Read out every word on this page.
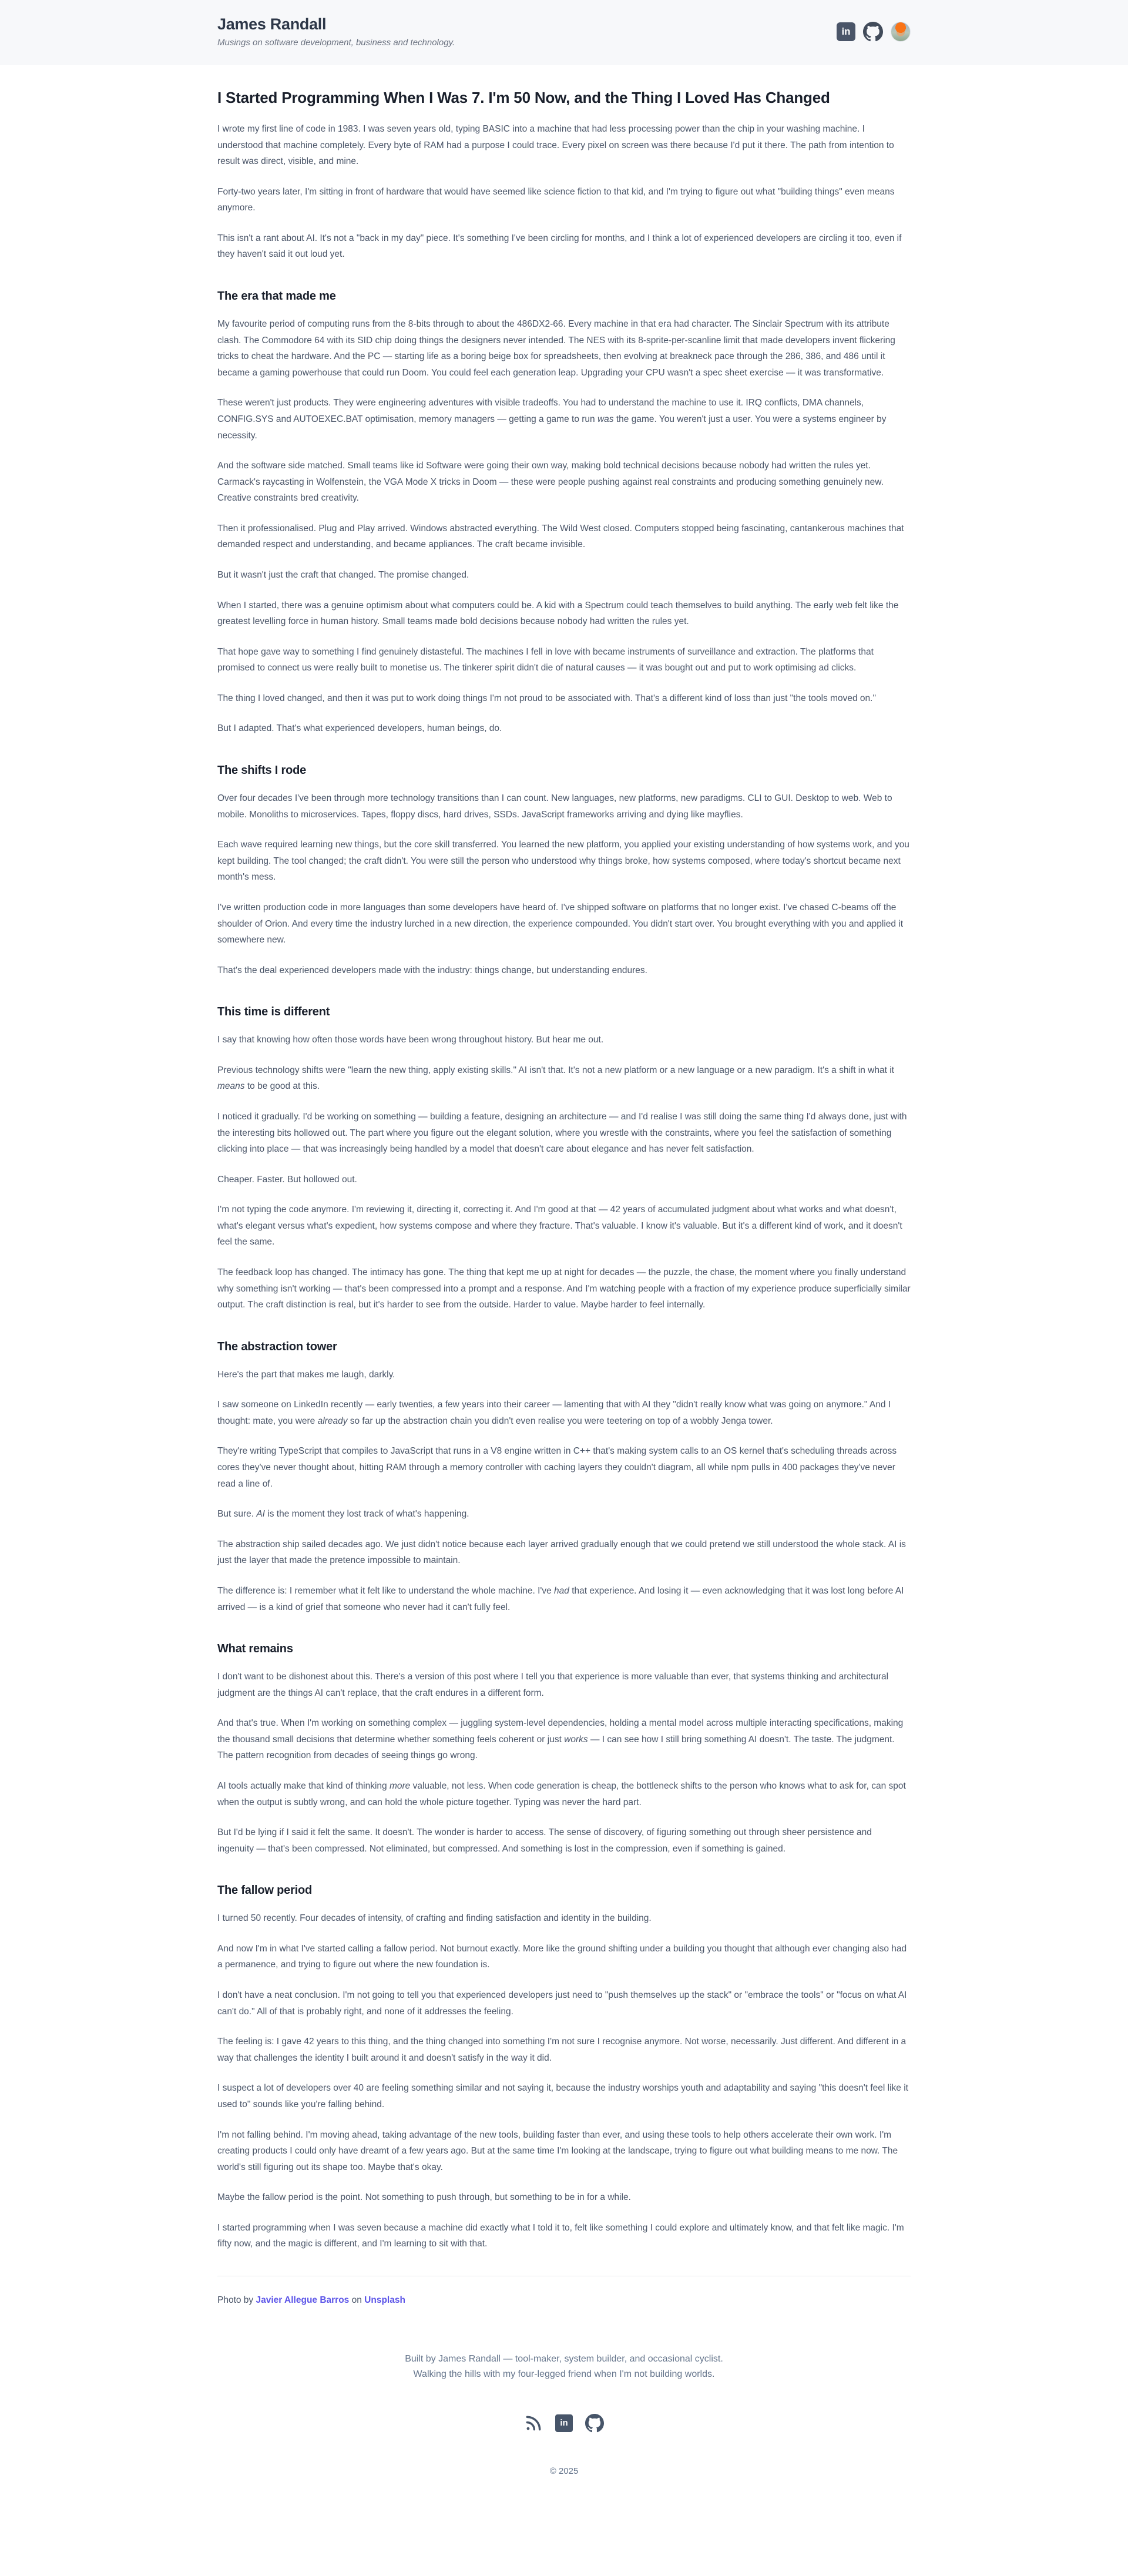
James Randall
Musings on software development, business and technology.
in
I Started Programming When I Was 7. I'm 50 Now, and the Thing I Loved Has Changed

I wrote my first line of code in 1983. I was seven years old, typing BASIC into a machine that had less processing power than the chip in your washing machine. I understood that machine completely. Every byte of RAM had a purpose I could trace. Every pixel on screen was there because I'd put it there. The path from intention to result was direct, visible, and mine.

Forty-two years later, I'm sitting in front of hardware that would have seemed like science fiction to that kid, and I'm trying to figure out what "building things" even means anymore.

This isn't a rant about AI. It's not a "back in my day" piece. It's something I've been circling for months, and I think a lot of experienced developers are circling it too, even if they haven't said it out loud yet.

The era that made me

My favourite period of computing runs from the 8-bits through to about the 486DX2-66. Every machine in that era had character. The Sinclair Spectrum with its attribute clash. The Commodore 64 with its SID chip doing things the designers never intended. The NES with its 8-sprite-per-scanline limit that made developers invent flickering tricks to cheat the hardware. And the PC — starting life as a boring beige box for spreadsheets, then evolving at breakneck pace through the 286, 386, and 486 until it became a gaming powerhouse that could run Doom. You could feel each generation leap. Upgrading your CPU wasn't a spec sheet exercise — it was transformative.

These weren't just products. They were engineering adventures with visible tradeoffs. You had to understand the machine to use it. IRQ conflicts, DMA channels, CONFIG.SYS and AUTOEXEC.BAT optimisation, memory managers — getting a game to run was the game. You weren't just a user. You were a systems engineer by necessity.

And the software side matched. Small teams like id Software were going their own way, making bold technical decisions because nobody had written the rules yet. Carmack's raycasting in Wolfenstein, the VGA Mode X tricks in Doom — these were people pushing against real constraints and producing something genuinely new. Creative constraints bred creativity.

Then it professionalised. Plug and Play arrived. Windows abstracted everything. The Wild West closed. Computers stopped being fascinating, cantankerous machines that demanded respect and understanding, and became appliances. The craft became invisible.

But it wasn't just the craft that changed. The promise changed.

When I started, there was a genuine optimism about what computers could be. A kid with a Spectrum could teach themselves to build anything. The early web felt like the greatest levelling force in human history. Small teams made bold decisions because nobody had written the rules yet.

That hope gave way to something I find genuinely distasteful. The machines I fell in love with became instruments of surveillance and extraction. The platforms that promised to connect us were really built to monetise us. The tinkerer spirit didn't die of natural causes — it was bought out and put to work optimising ad clicks.

The thing I loved changed, and then it was put to work doing things I'm not proud to be associated with. That's a different kind of loss than just "the tools moved on."

But I adapted. That's what experienced developers, human beings, do.

The shifts I rode

Over four decades I've been through more technology transitions than I can count. New languages, new platforms, new paradigms. CLI to GUI. Desktop to web. Web to mobile. Monoliths to microservices. Tapes, floppy discs, hard drives, SSDs. JavaScript frameworks arriving and dying like mayflies.

Each wave required learning new things, but the core skill transferred. You learned the new platform, you applied your existing understanding of how systems work, and you kept building. The tool changed; the craft didn't. You were still the person who understood why things broke, how systems composed, where today's shortcut became next month's mess.

I've written production code in more languages than some developers have heard of. I've shipped software on platforms that no longer exist. I've chased C-beams off the shoulder of Orion. And every time the industry lurched in a new direction, the experience compounded. You didn't start over. You brought everything with you and applied it somewhere new.

That's the deal experienced developers made with the industry: things change, but understanding endures.

This time is different

I say that knowing how often those words have been wrong throughout history. But hear me out.

Previous technology shifts were "learn the new thing, apply existing skills." AI isn't that. It's not a new platform or a new language or a new paradigm. It's a shift in what it means to be good at this.

I noticed it gradually. I'd be working on something — building a feature, designing an architecture — and I'd realise I was still doing the same thing I'd always done, just with the interesting bits hollowed out. The part where you figure out the elegant solution, where you wrestle with the constraints, where you feel the satisfaction of something clicking into place — that was increasingly being handled by a model that doesn't care about elegance and has never felt satisfaction.

Cheaper. Faster. But hollowed out.

I'm not typing the code anymore. I'm reviewing it, directing it, correcting it. And I'm good at that — 42 years of accumulated judgment about what works and what doesn't, what's elegant versus what's expedient, how systems compose and where they fracture. That's valuable. I know it's valuable. But it's a different kind of work, and it doesn't feel the same.

The feedback loop has changed. The intimacy has gone. The thing that kept me up at night for decades — the puzzle, the chase, the moment where you finally understand why something isn't working — that's been compressed into a prompt and a response. And I'm watching people with a fraction of my experience produce superficially similar output. The craft distinction is real, but it's harder to see from the outside. Harder to value. Maybe harder to feel internally.

The abstraction tower

Here's the part that makes me laugh, darkly.

I saw someone on LinkedIn recently — early twenties, a few years into their career — lamenting that with AI they "didn't really know what was going on anymore." And I thought: mate, you were already so far up the abstraction chain you didn't even realise you were teetering on top of a wobbly Jenga tower.

They're writing TypeScript that compiles to JavaScript that runs in a V8 engine written in C++ that's making system calls to an OS kernel that's scheduling threads across cores they've never thought about, hitting RAM through a memory controller with caching layers they couldn't diagram, all while npm pulls in 400 packages they've never read a line of.

But sure. AI is the moment they lost track of what's happening.

The abstraction ship sailed decades ago. We just didn't notice because each layer arrived gradually enough that we could pretend we still understood the whole stack. AI is just the layer that made the pretence impossible to maintain.

The difference is: I remember what it felt like to understand the whole machine. I've had that experience. And losing it — even acknowledging that it was lost long before AI arrived — is a kind of grief that someone who never had it can't fully feel.

What remains

I don't want to be dishonest about this. There's a version of this post where I tell you that experience is more valuable than ever, that systems thinking and architectural judgment are the things AI can't replace, that the craft endures in a different form.

And that's true. When I'm working on something complex — juggling system-level dependencies, holding a mental model across multiple interacting specifications, making the thousand small decisions that determine whether something feels coherent or just works — I can see how I still bring something AI doesn't. The taste. The judgment. The pattern recognition from decades of seeing things go wrong.

AI tools actually make that kind of thinking more valuable, not less. When code generation is cheap, the bottleneck shifts to the person who knows what to ask for, can spot when the output is subtly wrong, and can hold the whole picture together. Typing was never the hard part.

But I'd be lying if I said it felt the same. It doesn't. The wonder is harder to access. The sense of discovery, of figuring something out through sheer persistence and ingenuity — that's been compressed. Not eliminated, but compressed. And something is lost in the compression, even if something is gained.

The fallow period

I turned 50 recently. Four decades of intensity, of crafting and finding satisfaction and identity in the building.

And now I'm in what I've started calling a fallow period. Not burnout exactly. More like the ground shifting under a building you thought that although ever changing also had a permanence, and trying to figure out where the new foundation is.

I don't have a neat conclusion. I'm not going to tell you that experienced developers just need to "push themselves up the stack" or "embrace the tools" or "focus on what AI can't do." All of that is probably right, and none of it addresses the feeling.

The feeling is: I gave 42 years to this thing, and the thing changed into something I'm not sure I recognise anymore. Not worse, necessarily. Just different. And different in a way that challenges the identity I built around it and doesn't satisfy in the way it did.

I suspect a lot of developers over 40 are feeling something similar and not saying it, because the industry worships youth and adaptability and saying "this doesn't feel like it used to" sounds like you're falling behind.

I'm not falling behind. I'm moving ahead, taking advantage of the new tools, building faster than ever, and using these tools to help others accelerate their own work. I'm creating products I could only have dreamt of a few years ago. But at the same time I'm looking at the landscape, trying to figure out what building means to me now. The world's still figuring out its shape too. Maybe that's okay.

Maybe the fallow period is the point. Not something to push through, but something to be in for a while.

I started programming when I was seven because a machine did exactly what I told it to, felt like something I could explore and ultimately know, and that felt like magic. I'm fifty now, and the magic is different, and I'm learning to sit with that.

Photo by Javier Allegue Barros on Unsplash

Built by James Randall — tool-maker, system builder, and occasional cyclist.
Walking the hills with my four-legged friend when I'm not building worlds.
in
© 2025
